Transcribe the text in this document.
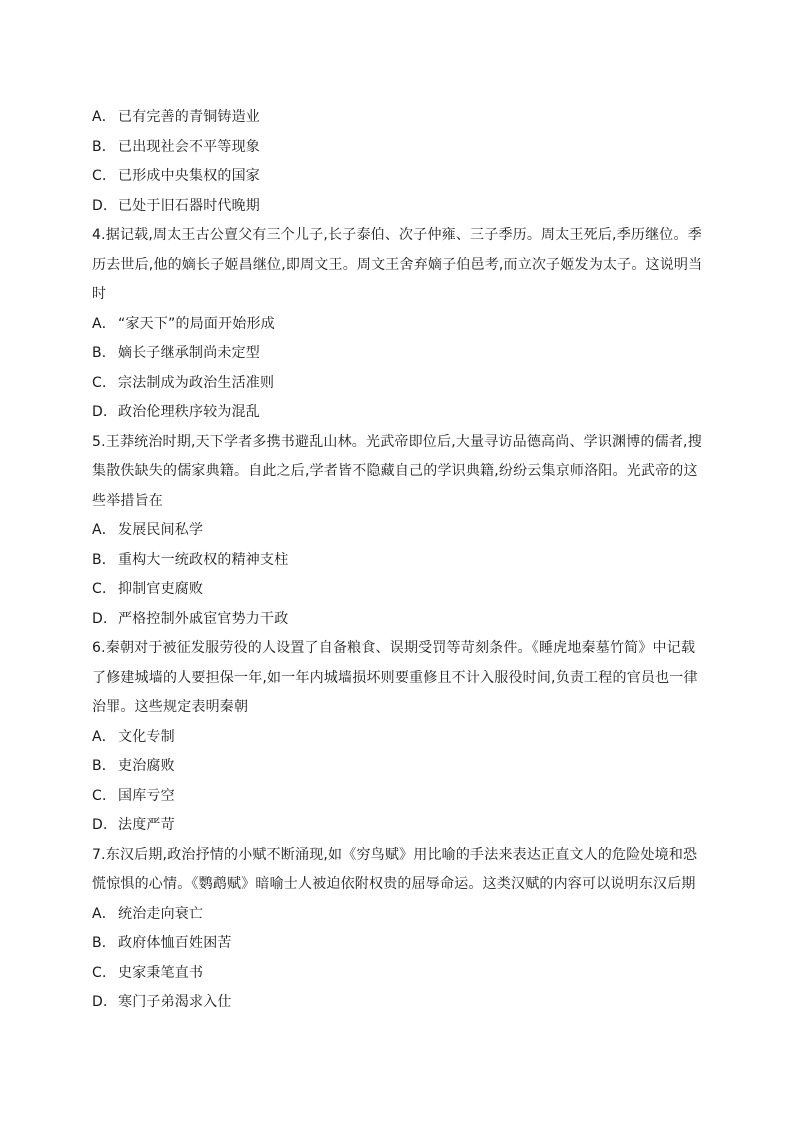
A． 已有完善的青铜铸造业
B． 已出现社会不平等现象
C． 已形成中央集权的国家
D．已处于旧石器时代晚期
4.据记载,周太王古公亶父有三个儿子,长子泰伯、次子仲雍、三子季历。周太王死后,季历继位。季
历去世后,他的嫡长子姬昌继位,即周文王。周文王舍弃嫡子伯邑考,而立次子姬发为太子。这说明当
时
A． “家天下”的局面开始形成
B． 嫡长子继承制尚未定型
C． 宗法制成为政治生活准则
D．政治伦理秩序较为混乱
5.王莽统治时期,天下学者多携书避乱山林。光武帝即位后,大量寻访品德高尚、学识渊博的儒者,搜
集散佚缺失的儒家典籍。自此之后,学者皆不隐藏自己的学识典籍,纷纷云集京师洛阳。光武帝的这
些举措旨在
A． 发展民间私学
B． 重构大一统政权的精神支柱
C． 抑制官吏腐败
D．严格控制外戚宦官势力干政
6.秦朝对于被征发服劳役的人设置了自备粮食、误期受罚等苛刻条件。《睡虎地秦墓竹简》中记载
了修建城墙的人要担保一年,如一年内城墙损坏则要重修且不计入服役时间,负责工程的官员也一律
治罪。这些规定表明秦朝
A． 文化专制
B． 吏治腐败
C． 国库亏空
D．法度严苛
7.东汉后期,政治抒情的小赋不断涌现,如《穷鸟赋》用比喻的手法来表达正直文人的危险处境和恐
慌惊惧的心情。《鹦鹉赋》暗喻士人被迫依附权贵的屈辱命运。这类汉赋的内容可以说明东汉后期
A． 统治走向衰亡
B． 政府体恤百姓困苦
C． 史家秉笔直书
D．寒门子弟渴求入仕
